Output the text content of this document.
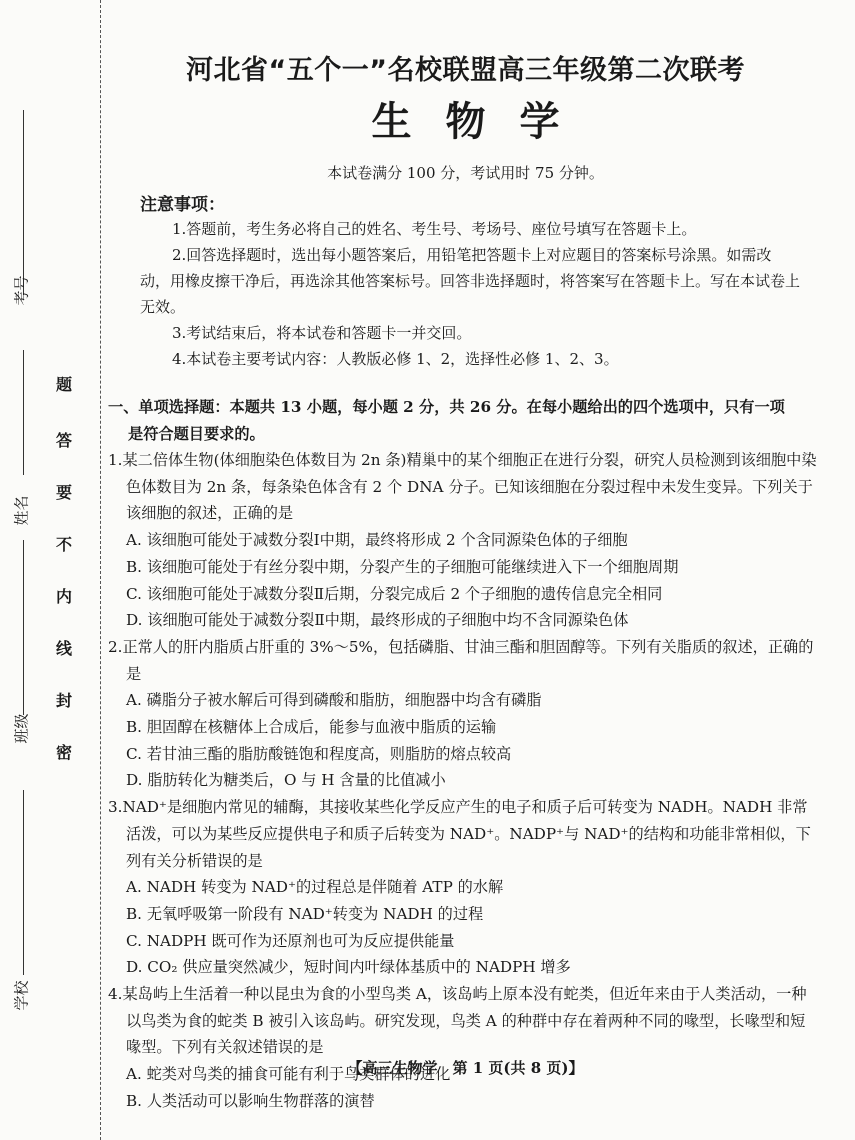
考号
姓名
班级
学校
题
答
要
不
内
线
封
密
河北省“五个一”名校联盟高三年级第二次联考
生物学
本试卷满分 100 分，考试用时 75 分钟。
注意事项：

1.答题前，考生务必将自己的姓名、考生号、考场号、座位号填写在答题卡上。

2.回答选择题时，选出每小题答案后，用铅笔把答题卡上对应题目的答案标号涂黑。如需改动，用橡皮擦干净后，再选涂其他答案标号。回答非选择题时，将答案写在答题卡上。写在本试卷上无效。

3.考试结束后，将本试卷和答题卡一并交回。

4.本试卷主要考试内容：人教版必修 1、2，选择性必修 1、2、3。

一、单项选择题：本题共 13 小题，每小题 2 分，共 26 分。在每小题给出的四个选项中，只有一项
是符合题目要求的。

1.某二倍体生物(体细胞染色体数目为 2n 条)精巢中的某个细胞正在进行分裂，研究人员检测到该细胞中染色体数目为 2n 条，每条染色体含有 2 个 DNA 分子。已知该细胞在分裂过程中未发生变异。下列关于该细胞的叙述，正确的是

A. 该细胞可能处于减数分裂Ⅰ中期，最终将形成 2 个含同源染色体的子细胞

B. 该细胞可能处于有丝分裂中期，分裂产生的子细胞可能继续进入下一个细胞周期

C. 该细胞可能处于减数分裂Ⅱ后期，分裂完成后 2 个子细胞的遗传信息完全相同

D. 该细胞可能处于减数分裂Ⅱ中期，最终形成的子细胞中均不含同源染色体

2.正常人的肝内脂质占肝重的 3%～5%，包括磷脂、甘油三酯和胆固醇等。下列有关脂质的叙述，正确的是

A. 磷脂分子被水解后可得到磷酸和脂肪，细胞器中均含有磷脂

B. 胆固醇在核糖体上合成后，能参与血液中脂质的运输

C. 若甘油三酯的脂肪酸链饱和程度高，则脂肪的熔点较高

D. 脂肪转化为糖类后，O 与 H 含量的比值减小

3.NAD⁺是细胞内常见的辅酶，其接收某些化学反应产生的电子和质子后可转变为 NADH。NADH 非常活泼，可以为某些反应提供电子和质子后转变为 NAD⁺。NADP⁺与 NAD⁺的结构和功能非常相似，下列有关分析错误的是

A. NADH 转变为 NAD⁺的过程总是伴随着 ATP 的水解

B. 无氧呼吸第一阶段有 NAD⁺转变为 NADH 的过程

C. NADPH 既可作为还原剂也可为反应提供能量

D. CO₂ 供应量突然减少，短时间内叶绿体基质中的 NADPH 增多

4.某岛屿上生活着一种以昆虫为食的小型鸟类 A，该岛屿上原本没有蛇类，但近年来由于人类活动，一种以鸟类为食的蛇类 B 被引入该岛屿。研究发现，鸟类 A 的种群中存在着两种不同的喙型，长喙型和短喙型。下列有关叙述错误的是

A. 蛇类对鸟类的捕食可能有利于鸟类群体的进化

B. 人类活动可以影响生物群落的演替

【高三生物学　第 1 页(共 8 页)】
